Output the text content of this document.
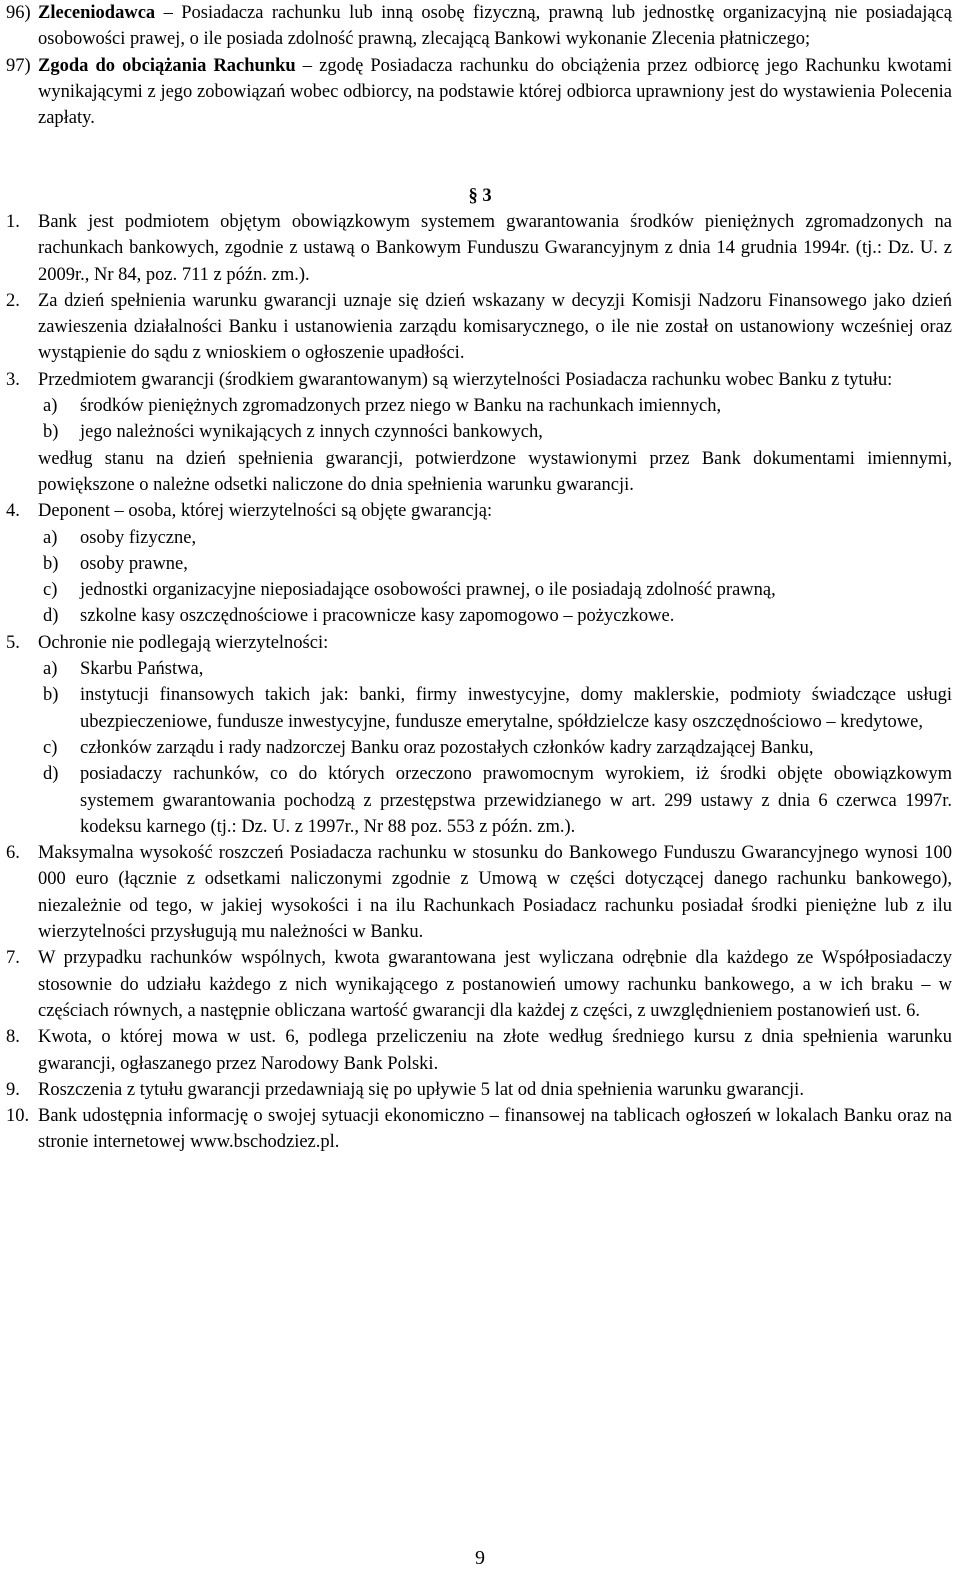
96) Zleceniodawca – Posiadacza rachunku lub inną osobę fizyczną, prawną lub jednostkę organizacyjną nie posiadającą osobowości prawej, o ile posiada zdolność prawną, zlecającą Bankowi wykonanie Zlecenia płatniczego;
97) Zgoda do obciążania Rachunku – zgodę Posiadacza rachunku do obciążenia przez odbiorcę jego Rachunku kwotami wynikającymi z jego zobowiązań wobec odbiorcy, na podstawie której odbiorca uprawniony jest do wystawienia Polecenia zapłaty.
§ 3
1. Bank jest podmiotem objętym obowiązkowym systemem gwarantowania środków pieniężnych zgromadzonych na rachunkach bankowych, zgodnie z ustawą o Bankowym Funduszu Gwarancyjnym z dnia 14 grudnia 1994r. (tj.: Dz. U. z 2009r., Nr 84, poz. 711 z późn. zm.).
2. Za dzień spełnienia warunku gwarancji uznaje się dzień wskazany w decyzji Komisji Nadzoru Finansowego jako dzień zawieszenia działalności Banku i ustanowienia zarządu komisarycznego, o ile nie został on ustanowiony wcześniej oraz wystąpienie do sądu z wnioskiem o ogłoszenie upadłości.
3. Przedmiotem gwarancji (środkiem gwarantowanym) są wierzytelności Posiadacza rachunku wobec Banku z tytułu:
a)	środków pieniężnych zgromadzonych przez niego w Banku na rachunkach imiennych,
b)	jego należności wynikających z innych czynności bankowych,
według stanu na dzień spełnienia gwarancji, potwierdzone wystawionymi przez Bank dokumentami imiennymi, powiększone o należne odsetki naliczone do dnia spełnienia warunku gwarancji.
4. Deponent – osoba, której wierzytelności są objęte gwarancją:
a)	osoby fizyczne,
b)	osoby prawne,
c)	jednostki organizacyjne nieposiadające osobowości prawnej, o ile posiadają zdolność prawną,
d)	szkolne kasy oszczędnościowe i pracownicze kasy zapomogowo – pożyczkowe.
5. Ochronie nie podlegają wierzytelności:
a)	Skarbu Państwa,
b)	instytucji finansowych takich jak: banki, firmy inwestycyjne, domy maklerskie, podmioty świadczące usługi ubezpieczeniowe, fundusze inwestycyjne, fundusze emerytalne, spółdzielcze kasy oszczędnościowo – kredytowe,
c)	członków zarządu i rady nadzorczej Banku oraz pozostałych członków kadry zarządzającej Banku,
d)	posiadaczy rachunków, co do których orzeczono prawomocnym wyrokiem, iż środki objęte obowiązkowym systemem gwarantowania pochodzą z przestępstwa przewidzianego w art. 299 ustawy z dnia 6 czerwca 1997r. kodeksu karnego (tj.: Dz. U. z 1997r., Nr 88 poz. 553 z późn. zm.).
6. Maksymalna wysokość roszczeń Posiadacza rachunku w stosunku do Bankowego Funduszu Gwarancyjnego wynosi 100 000 euro (łącznie z odsetkami naliczonymi zgodnie z Umową w części dotyczącej danego rachunku bankowego), niezależnie od tego, w jakiej wysokości i na ilu Rachunkach Posiadacz rachunku posiadał środki pieniężne lub z ilu wierzytelności przysługują mu należności w Banku.
7. W przypadku rachunków wspólnych, kwota gwarantowana jest wyliczana odrębnie dla każdego ze Współposiadaczy stosownie do udziału każdego z nich wynikającego z postanowień umowy rachunku bankowego, a w ich braku – w częściach równych, a następnie obliczana wartość gwarancji dla każdej z części, z uwzględnieniem postanowień ust. 6.
8. Kwota, o której mowa w ust. 6, podlega przeliczeniu na złote według średniego kursu z dnia spełnienia warunku gwarancji, ogłaszanego przez Narodowy Bank Polski.
9. Roszczenia z tytułu gwarancji przedawniają się po upływie 5 lat od dnia spełnienia warunku gwarancji.
10. Bank udostępnia informację o swojej sytuacji ekonomiczno – finansowej na tablicach ogłoszeń w lokalach Banku oraz na stronie internetowej www.bschodziez.pl.
9
